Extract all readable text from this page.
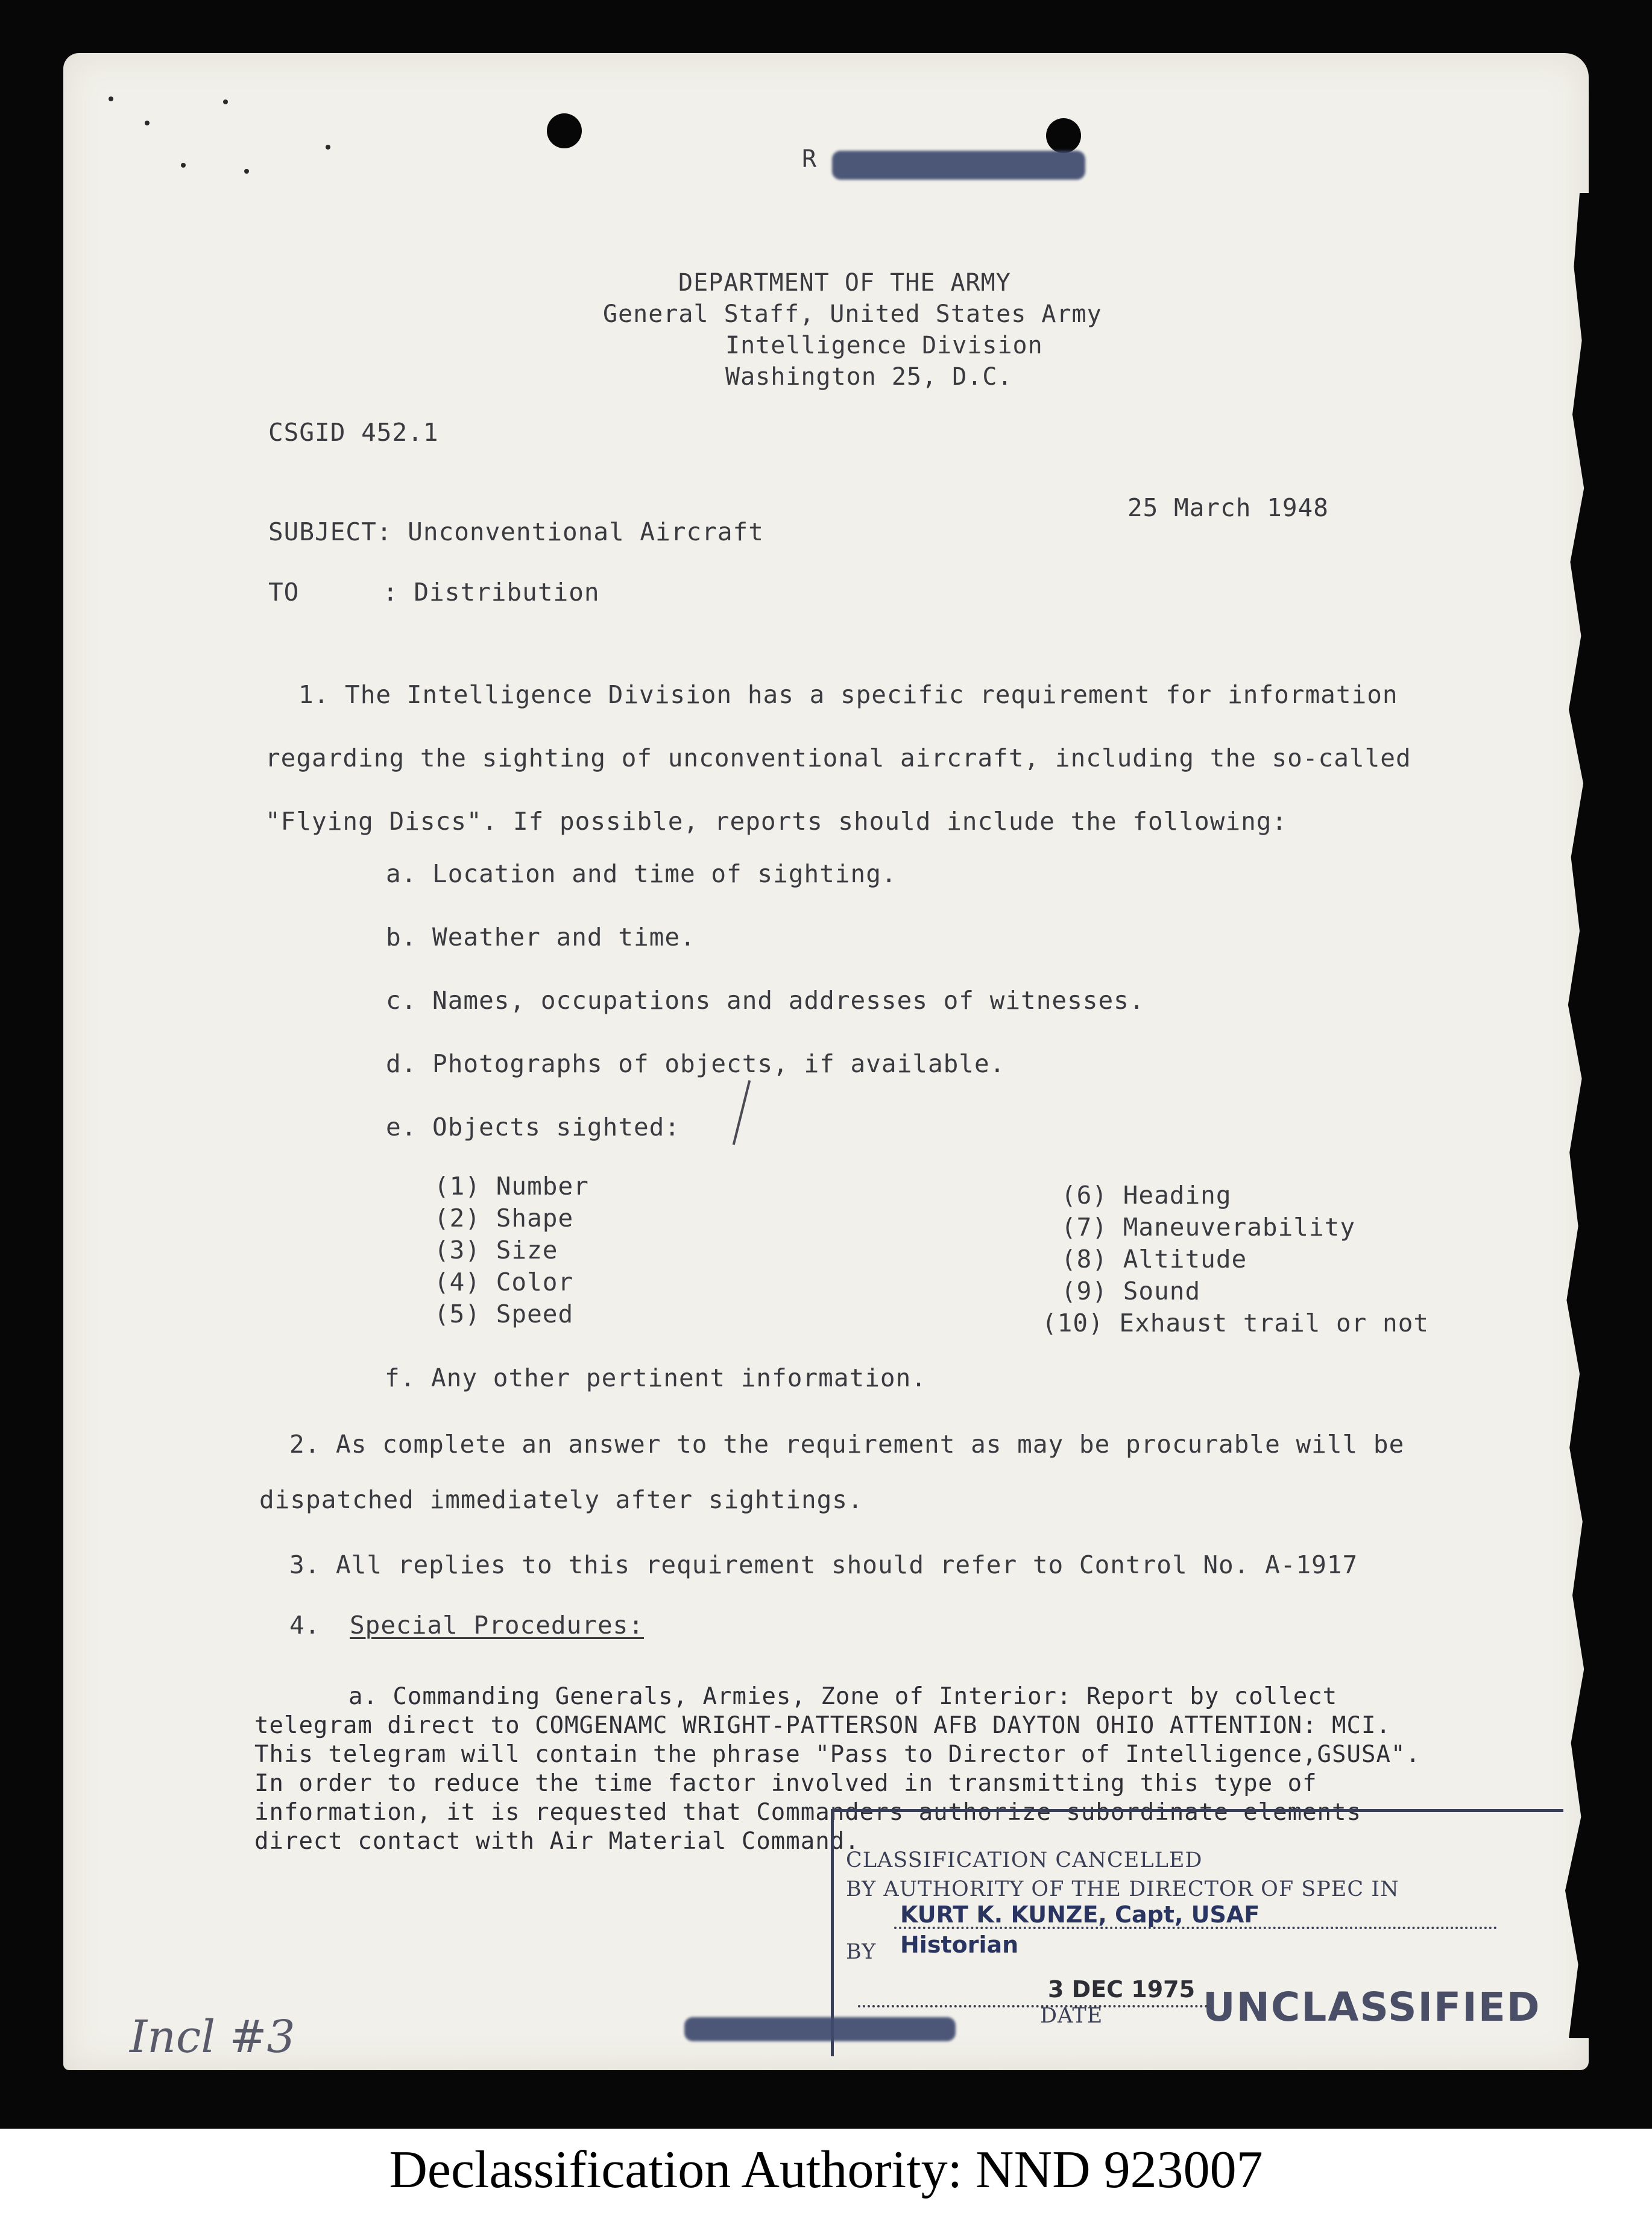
R

DEPARTMENT OF THE ARMY

General Staff, United States Army

Intelligence Division

Washington 25, D.C.

CSGID 452.1

25 March 1948

SUBJECT: Unconventional Aircraft

TO	: Distribution

1. The Intelligence Division has a specific requirement for information

regarding the sighting of unconventional aircraft, including the so-called

"Flying Discs". If possible, reports should include the following:

a. Location and time of sighting.

b. Weather and time.

c. Names, occupations and addresses of witnesses.

d. Photographs of objects, if available.

e. Objects sighted:

(1) Number

(2) Shape

(3) Size

(4) Color

(5) Speed

(6) Heading

(7) Maneuverability

(8) Altitude

(9) Sound

(10) Exhaust trail or not

f. Any other pertinent information.

2. As complete an answer to the requirement as may be procurable will be

dispatched immediately after sightings.

3. All replies to this requirement should refer to Control No. A-1917

4. Special Procedures:

a. Commanding Generals, Armies, Zone of Interior: Report by collect

telegram direct to COMGENAMC WRIGHT-PATTERSON AFB DAYTON OHIO ATTENTION: MCI.

This telegram will contain the phrase "Pass to Director of Intelligence,GSUSA".

In order to reduce the time factor involved in transmitting this type of

information, it is requested that Commanders authorize subordinate elements

direct contact with Air Material Command.

CLASSIFICATION CANCELLED

BY AUTHORITY OF THE DIRECTOR OF SPEC IN

BY

KURT K. KUNZE, Capt, USAF

Historian

3 DEC 1975

DATE	UNCLASSIFIED

Incl #3

Declassification Authority: NND 923007
